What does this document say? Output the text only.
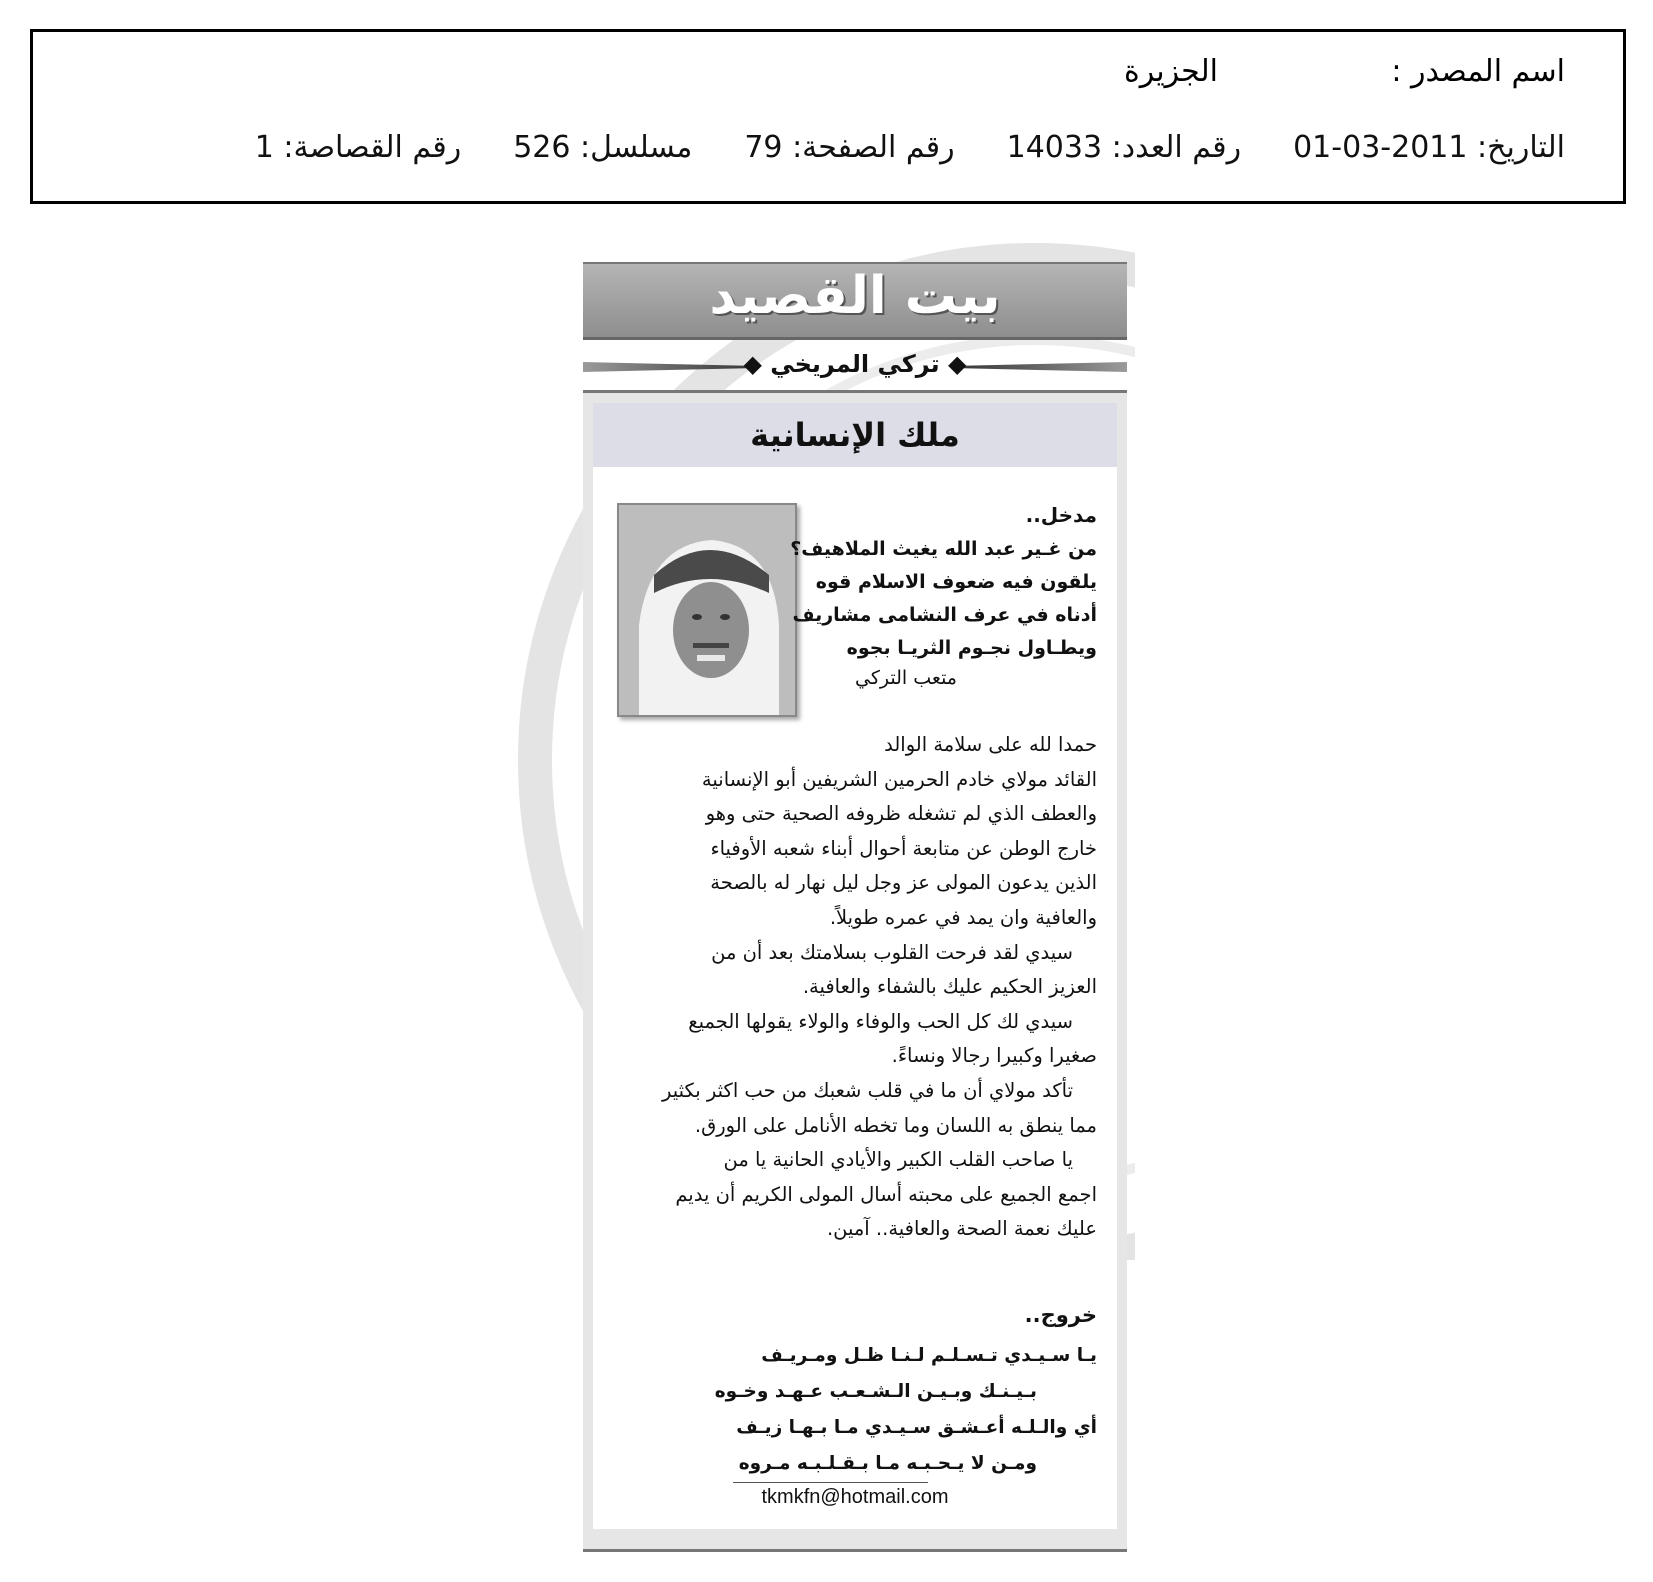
اسم المصدر :
الجزيرة
التاريخ: 2011-03-01
رقم العدد: 14033
رقم الصفحة: 79
مسلسل: 526
رقم القصاصة: 1
بيت القصيد
◆ تركي المريخي ◆
ملك الإنسانية
مدخل..
من غـير عبد الله يغيث الملاهيف؟
يلقون فيه ضعوف الاسلام قوه
أدناه في عرف النشامى مشاريف
ويطـاول نجـوم الثريـا بجوه
متعب التركي
حمدا لله على سلامة الوالد
القائد مولاي خادم الحرمين الشريفين أبو الإنسانية
والعطف الذي لم تشغله ظروفه الصحية حتى وهو
خارج الوطن عن متابعة أحوال أبناء شعبه الأوفياء
الذين يدعون المولى عز وجل ليل نهار له بالصحة
والعافية وان يمد في عمره طويلاً.
سيدي لقد فرحت القلوب بسلامتك بعد أن من
العزيز الحكيم عليك بالشفاء والعافية.
سيدي لك كل الحب والوفاء والولاء يقولها الجميع
صغيرا وكبيرا رجالا ونساءً.
تأكد مولاي أن ما في قلب شعبك من حب اكثر بكثير
مما ينطق به اللسان وما تخطه الأنامل على الورق.
يا صاحب القلب الكبير والأيادي الحانية يا من
اجمع الجميع على محبته أسال المولى الكريم أن يديم
عليك نعمة الصحة والعافية.. آمين.
خروج..
يـا سـيـدي تـسـلـم لـنـا ظـل ومـريـف
بـيـنـك وبـيـن الـشـعـب عـهـد وخـوه
أي والـلـه أعـشـق سـيـدي مـا بـهـا زيـف
ومـن لا يـحـبـه مـا بـقـلـبـه مـروه
tkmkfn@hotmail.com
